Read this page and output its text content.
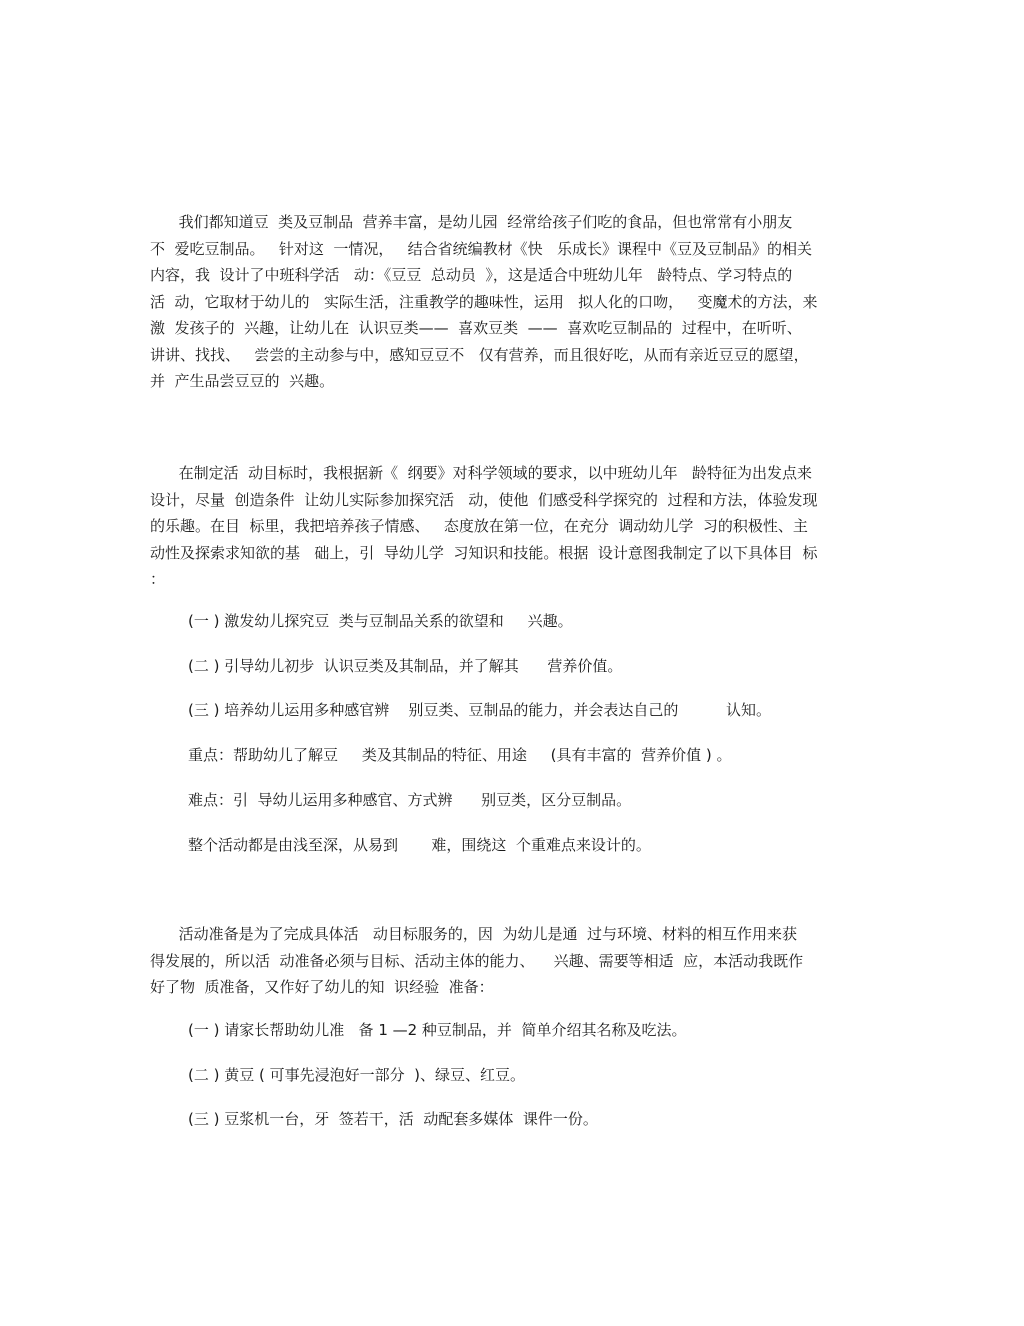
我们都知道豆  类及豆制品  营养丰富，是幼儿园  经常给孩子们吃的食品，但也常常有小朋友
不  爱吃豆制品。   针对这  一情况，   结合省统编教材《快   乐成长》课程中《豆及豆制品》的相关
内容，我  设计了中班科学活   动：《豆豆  总动员  》，这是适合中班幼儿年   龄特点、学习特点的
活  动，它取材于幼儿的   实际生活，注重教学的趣味性，运用   拟人化的口吻，   变魔术的方法，来
激  发孩子的  兴趣，让幼儿在  认识豆类——  喜欢豆类  ——  喜欢吃豆制品的  过程中，在听听、
讲讲、找找、   尝尝的主动参与中，感知豆豆不   仅有营养，而且很好吃，从而有亲近豆豆的愿望，
并  产生品尝豆豆的  兴趣。
在制定活  动目标时，我根据新《  纲要》对科学领域的要求，以中班幼儿年   龄特征为出发点来
设计，尽量  创造条件  让幼儿实际参加探究活   动，使他  们感受科学探究的  过程和方法，体验发现
的乐趣。在目  标里，我把培养孩子情感、   态度放在第一位，在充分  调动幼儿学  习的积极性、主
动性及探索求知欲的基   础上，引  导幼儿学  习知识和技能。根据  设计意图我制定了以下具体目  标
：

(一 ) 激发幼儿探究豆  类与豆制品关系的欲望和     兴趣。

(二 ) 引导幼儿初步  认识豆类及其制品，并了解其      营养价值。

(三 ) 培养幼儿运用多种感官辨    别豆类、豆制品的能力，并会表达自己的          认知。

重点：帮助幼儿了解豆     类及其制品的特征、用途     (具有丰富的  营养价值 ) 。

难点：引  导幼儿运用多种感官、方式辨      别豆类，区分豆制品。

整个活动都是由浅至深，从易到       难，围绕这  个重难点来设计的。

活动准备是为了完成具体活   动目标服务的，因  为幼儿是通  过与环境、材料的相互作用来获
得发展的，所以活  动准备必须与目标、活动主体的能力、    兴趣、需要等相适  应，本活动我既作
好了物  质准备，又作好了幼儿的知  识经验  准备：

(一 ) 请家长帮助幼儿准   备 1 —2 种豆制品，并  简单介绍其名称及吃法。

(二 ) 黄豆 ( 可事先浸泡好一部分  )、绿豆、红豆。

(三 ) 豆浆机一台，牙  签若干，活  动配套多媒体  课件一份。
